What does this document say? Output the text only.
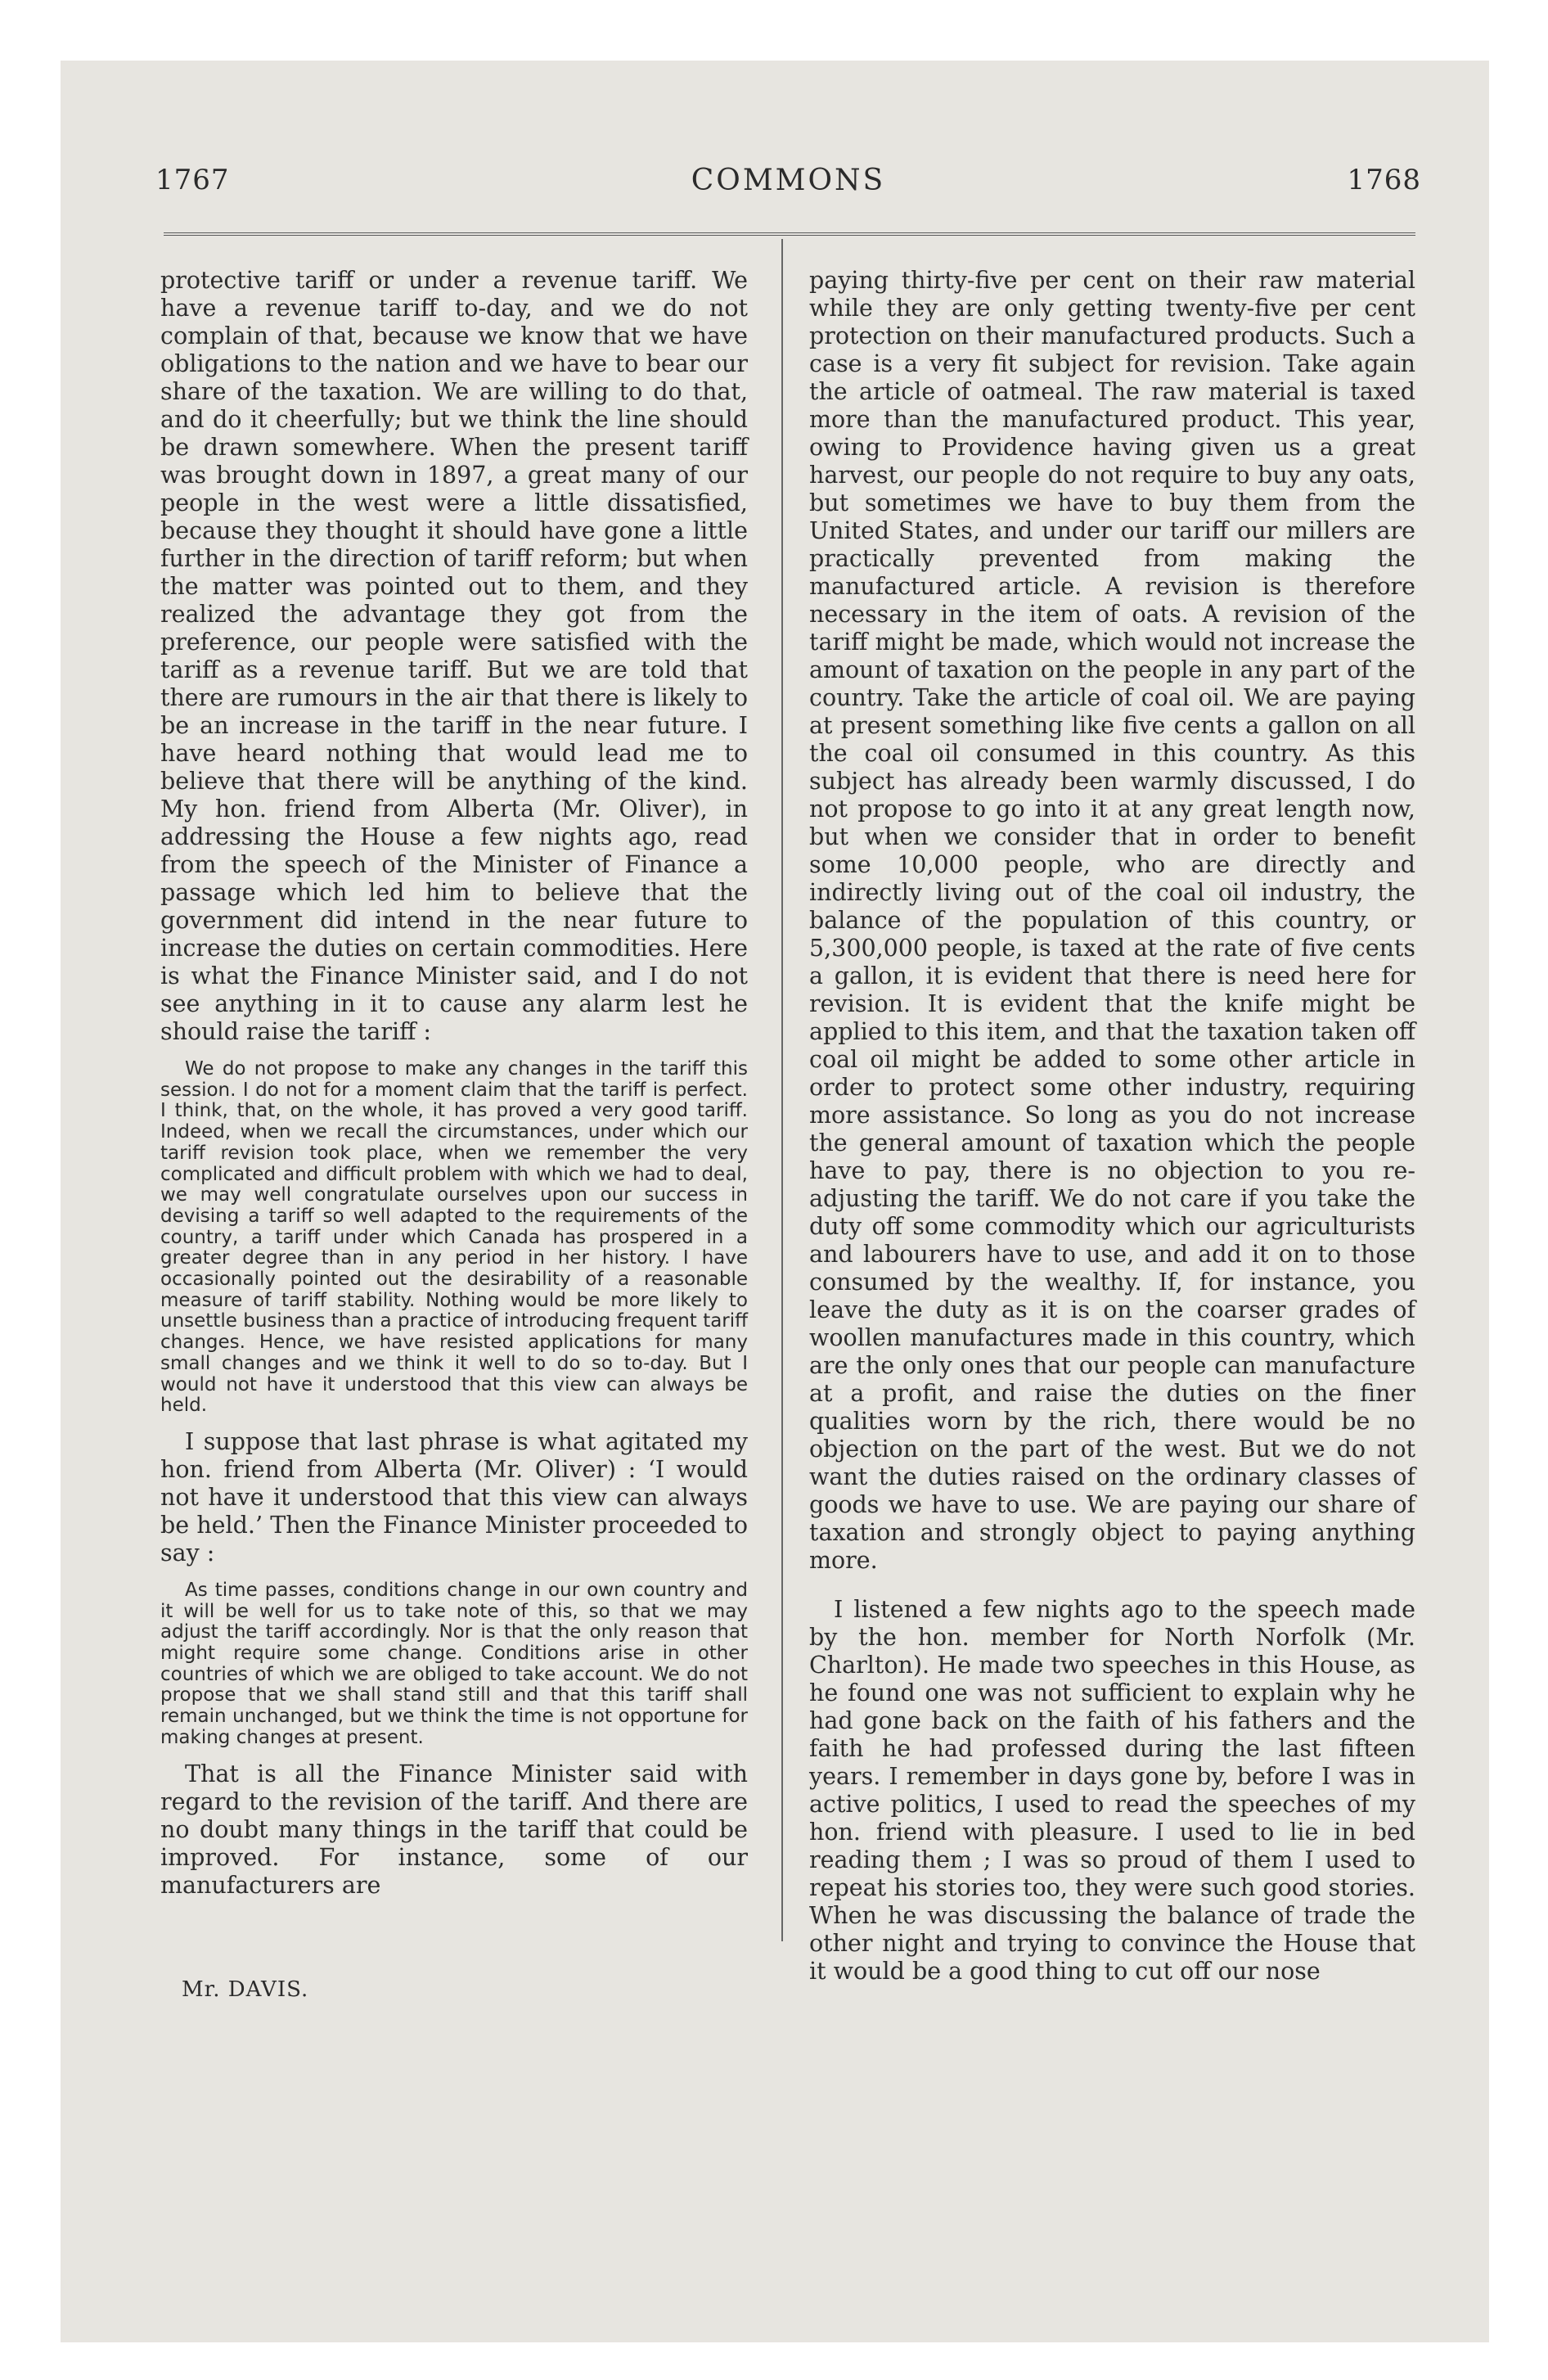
1767	COMMONS	1768

protective tariff or under a revenue tariff. We have a revenue tariff to-day, and we do not complain of that, because we know that we have obligations to the nation and we have to bear our share of the taxation. We are willing to do that, and do it cheerfully; but we think the line should be drawn somewhere. When the present tariff was brought down in 1897, a great many of our people in the west were a little dissatisfied, because they thought it should have gone a little further in the direction of tariff reform; but when the matter was pointed out to them, and they realized the advantage they got from the preference, our people were satisfied with the tariff as a revenue tariff. But we are told that there are rumours in the air that there is likely to be an increase in the tariff in the near future. I have heard nothing that would lead me to believe that there will be anything of the kind. My hon. friend from Alberta (Mr. Oliver), in addressing the House a few nights ago, read from the speech of the Minister of Finance a passage which led him to believe that the government did intend in the near future to increase the duties on certain commodities. Here is what the Finance Minister said, and I do not see anything in it to cause any alarm lest he should raise the tariff :

We do not propose to make any changes in the tariff this session. I do not for a moment claim that the tariff is perfect. I think, that, on the whole, it has proved a very good tariff. Indeed, when we recall the circumstances, under which our tariff revision took place, when we remember the very complicated and difficult problem with which we had to deal, we may well congratulate ourselves upon our success in devising a tariff so well adapted to the requirements of the country, a tariff under which Canada has prospered in a greater degree than in any period in her history. I have occasionally pointed out the desirability of a reasonable measure of tariff stability. Nothing would be more likely to unsettle business than a practice of introducing frequent tariff changes. Hence, we have resisted applications for many small changes and we think it well to do so to-day. But I would not have it understood that this view can always be held.

I suppose that last phrase is what agitated my hon. friend from Alberta (Mr. Oliver) : ‘I would not have it understood that this view can always be held.’ Then the Finance Minister proceeded to say :

As time passes, conditions change in our own country and it will be well for us to take note of this, so that we may adjust the tariff accordingly. Nor is that the only reason that might require some change. Conditions arise in other countries of which we are obliged to take account. We do not propose that we shall stand still and that this tariff shall remain unchanged, but we think the time is not opportune for making changes at present.

That is all the Finance Minister said with regard to the revision of the tariff. And there are no doubt many things in the tariff that could be improved. For instance, some of our manufacturers are

paying thirty-five per cent on their raw material while they are only getting twenty-five per cent protection on their manufactured products. Such a case is a very fit subject for revision. Take again the article of oatmeal. The raw material is taxed more than the manufactured product. This year, owing to Providence having given us a great harvest, our people do not require to buy any oats, but sometimes we have to buy them from the United States, and under our tariff our millers are practically prevented from making the manufactured article. A revision is therefore necessary in the item of oats. A revision of the tariff might be made, which would not increase the amount of taxation on the people in any part of the country. Take the article of coal oil. We are paying at present something like five cents a gallon on all the coal oil consumed in this country. As this subject has already been warmly discussed, I do not propose to go into it at any great length now, but when we consider that in order to benefit some 10,000 people, who are directly and indirectly living out of the coal oil industry, the balance of the population of this country, or 5,300,000 people, is taxed at the rate of five cents a gallon, it is evident that there is need here for revision. It is evident that the knife might be applied to this item, and that the taxation taken off coal oil might be added to some other article in order to protect some other industry, requiring more assistance. So long as you do not increase the general amount of taxation which the people have to pay, there is no objection to you re-adjusting the tariff. We do not care if you take the duty off some commodity which our agriculturists and labourers have to use, and add it on to those consumed by the wealthy. If, for instance, you leave the duty as it is on the coarser grades of woollen manufactures made in this country, which are the only ones that our people can manufacture at a profit, and raise the duties on the finer qualities worn by the rich, there would be no objection on the part of the west. But we do not want the duties raised on the ordinary classes of goods we have to use. We are paying our share of taxation and strongly object to paying anything more.

I listened a few nights ago to the speech made by the hon. member for North Norfolk (Mr. Charlton). He made two speeches in this House, as he found one was not sufficient to explain why he had gone back on the faith of his fathers and the faith he had professed during the last fifteen years. I remember in days gone by, before I was in active politics, I used to read the speeches of my hon. friend with pleasure. I used to lie in bed reading them ; I was so proud of them I used to repeat his stories too, they were such good stories. When he was discussing the balance of trade the other night and trying to convince the House that it would be a good thing to cut off our nose

Mr. DAVIS.
